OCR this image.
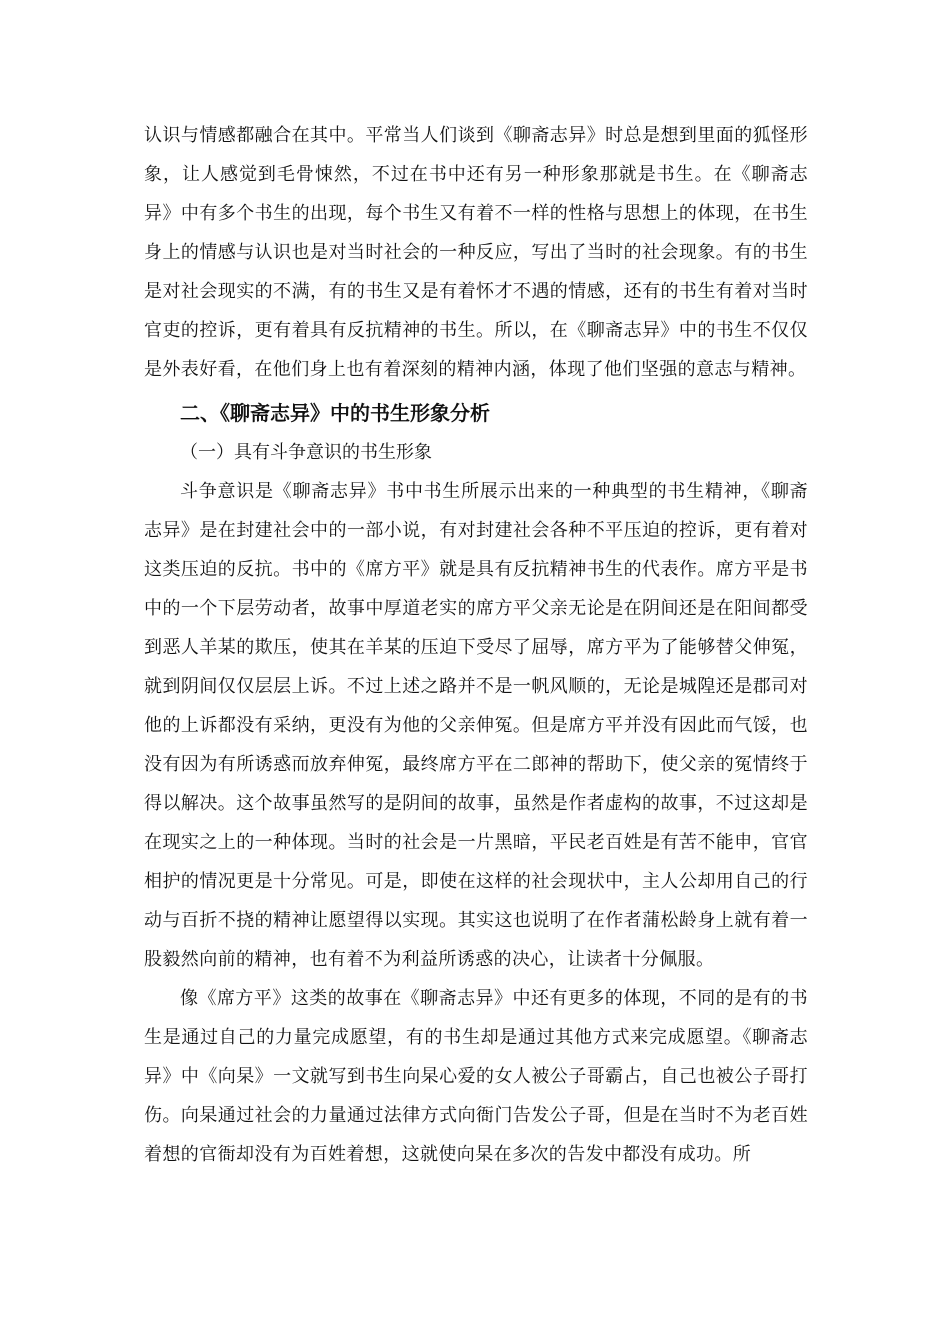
认识与情感都融合在其中。平常当人们谈到《聊斋志异》时总是想到里面的狐怪形象，让人感觉到毛骨悚然，不过在书中还有另一种形象那就是书生。在《聊斋志异》中有多个书生的出现，每个书生又有着不一样的性格与思想上的体现，在书生身上的情感与认识也是对当时社会的一种反应，写出了当时的社会现象。有的书生是对社会现实的不满，有的书生又是有着怀才不遇的情感，还有的书生有着对当时官吏的控诉，更有着具有反抗精神的书生。所以，在《聊斋志异》中的书生不仅仅是外表好看，在他们身上也有着深刻的精神内涵，体现了他们坚强的意志与精神。

二、《聊斋志异》中的书生形象分析

（一）具有斗争意识的书生形象

斗争意识是《聊斋志异》书中书生所展示出来的一种典型的书生精神，《聊斋志异》是在封建社会中的一部小说，有对封建社会各种不平压迫的控诉，更有着对这类压迫的反抗。书中的《席方平》就是具有反抗精神书生的代表作。席方平是书中的一个下层劳动者，故事中厚道老实的席方平父亲无论是在阴间还是在阳间都受到恶人羊某的欺压，使其在羊某的压迫下受尽了屈辱，席方平为了能够替父伸冤，就到阴间仅仅层层上诉。不过上述之路并不是一帆风顺的，无论是城隍还是郡司对他的上诉都没有采纳，更没有为他的父亲伸冤。但是席方平并没有因此而气馁，也没有因为有所诱惑而放弃伸冤，最终席方平在二郎神的帮助下，使父亲的冤情终于得以解决。这个故事虽然写的是阴间的故事，虽然是作者虚构的故事，不过这却是在现实之上的一种体现。当时的社会是一片黑暗，平民老百姓是有苦不能申，官官相护的情况更是十分常见。可是，即使在这样的社会现状中，主人公却用自己的行动与百折不挠的精神让愿望得以实现。其实这也说明了在作者蒲松龄身上就有着一股毅然向前的精神，也有着不为利益所诱惑的决心，让读者十分佩服。

像《席方平》这类的故事在《聊斋志异》中还有更多的体现，不同的是有的书生是通过自己的力量完成愿望，有的书生却是通过其他方式来完成愿望。《聊斋志异》中《向杲》一文就写到书生向杲心爱的女人被公子哥霸占，自己也被公子哥打伤。向杲通过社会的力量通过法律方式向衙门告发公子哥，但是在当时不为老百姓着想的官衙却没有为百姓着想，这就使向杲在多次的告发中都没有成功。所
